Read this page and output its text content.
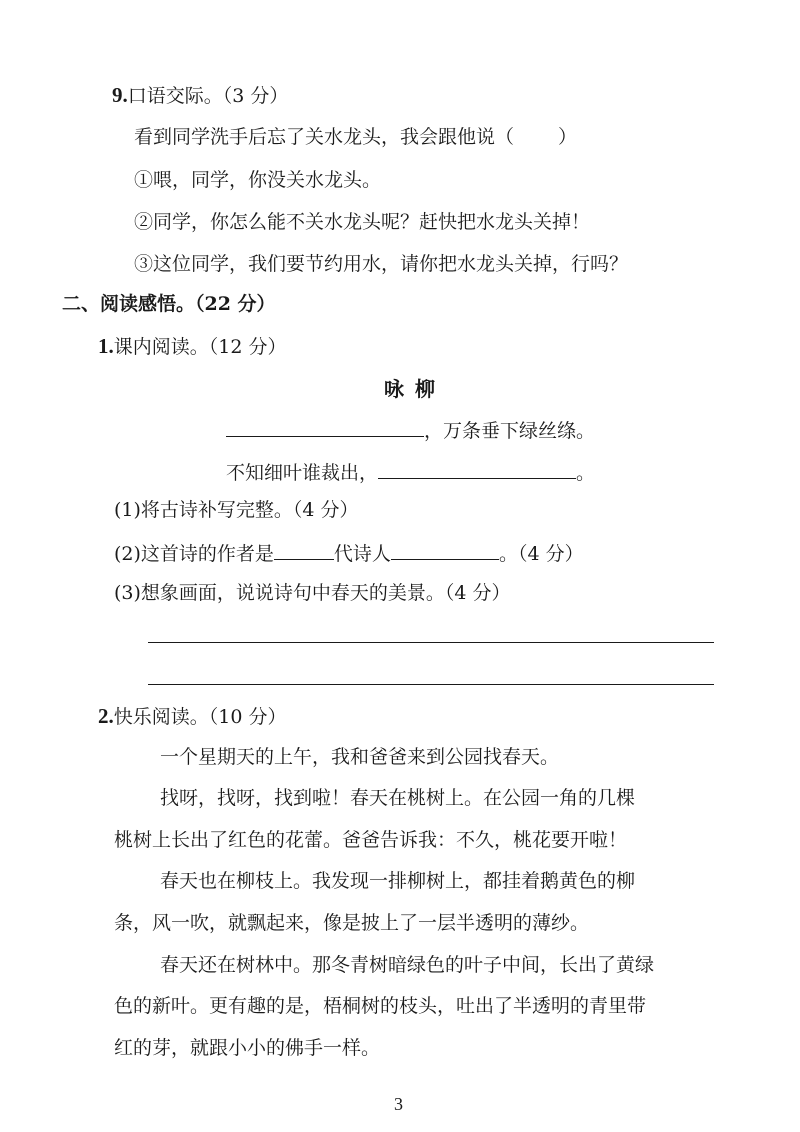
9.口语交际。（3 分）
看到同学洗手后忘了关水龙头，我会跟他说（ ）
①喂，同学，你没关水龙头。
②同学，你怎么能不关水龙头呢？赶快把水龙头关掉！
③这位同学，我们要节约用水，请你把水龙头关掉，行吗？
二、阅读感悟。（22 分）
1.课内阅读。（12 分）
咏 柳
，万条垂下绿丝绦。
不知细叶谁裁出，	。
(1)将古诗补写完整。（4 分）
(2)这首诗的作者是	代诗人	。（4 分）
(3)想象画面，说说诗句中春天的美景。（4 分）
2.快乐阅读。（10 分）
一个星期天的上午，我和爸爸来到公园找春天。
找呀，找呀，找到啦！春天在桃树上。在公园一角的几棵
桃树上长出了红色的花蕾。爸爸告诉我：不久，桃花要开啦！
春天也在柳枝上。我发现一排柳树上，都挂着鹅黄色的柳
条，风一吹，就飘起来，像是披上了一层半透明的薄纱。
春天还在树林中。那冬青树暗绿色的叶子中间，长出了黄绿
色的新叶。更有趣的是，梧桐树的枝头，吐出了半透明的青里带
红的芽，就跟小小的佛手一样。
3
